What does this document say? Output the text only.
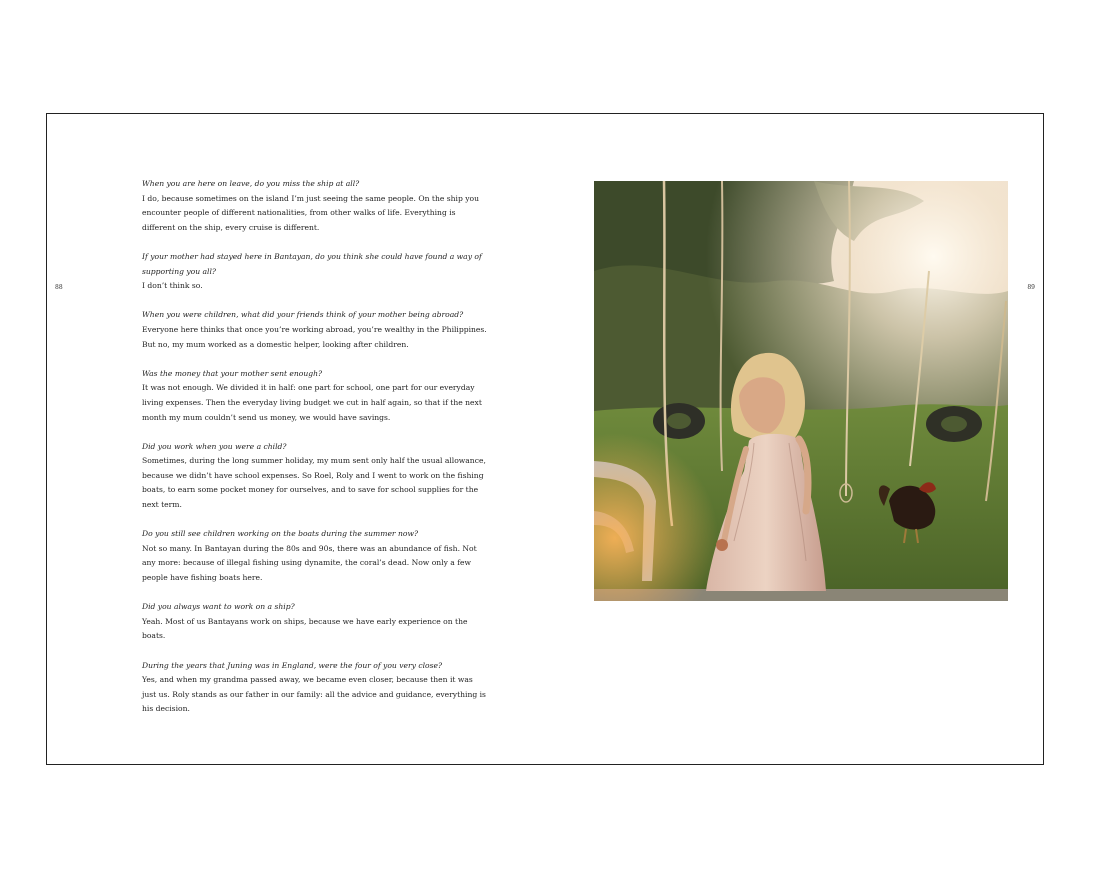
88	89
When you are here on leave, do you miss the ship at all?
I do, because sometimes on the island I’m just seeing the same people. On the ship you encounter people of different nationalities, from other walks of life. Everything is different on the ship, every cruise is different.
If your mother had stayed here in Bantayan, do you think she could have found a way of supporting you all?
I don’t think so.
When you were children, what did your friends think of your mother being abroad?
Everyone here thinks that once you’re working abroad, you’re wealthy in the Philippines. But no, my mum worked as a domestic helper, looking after children.
Was the money that your mother sent enough?
It was not enough. We divided it in half: one part for school, one part for our everyday living expenses. Then the everyday living budget we cut in half again, so that if the next month my mum couldn’t send us money, we would have savings.
Did you work when you were a child?
Sometimes, during the long summer holiday, my mum sent only half the usual allowance, because we didn’t have school expenses. So Roel, Roly and I went to work on the fishing boats, to earn some pocket money for ourselves, and to save for school supplies for the next term.
Do you still see children working on the boats during the summer now?
Not so many. In Bantayan during the 80s and 90s, there was an abundance of fish. Not any more: because of illegal fishing using dynamite, the coral’s dead. Now only a few people have fishing boats here.
Did you always want to work on a ship?
Yeah. Most of us Bantayans work on ships, because we have early experience on the boats.
During the years that Juning was in England, were the four of you very close?
Yes, and when my grandma passed away, we became even closer, because then it was just us. Roly stands as our father in our family: all the advice and guidance, everything is his decision.
